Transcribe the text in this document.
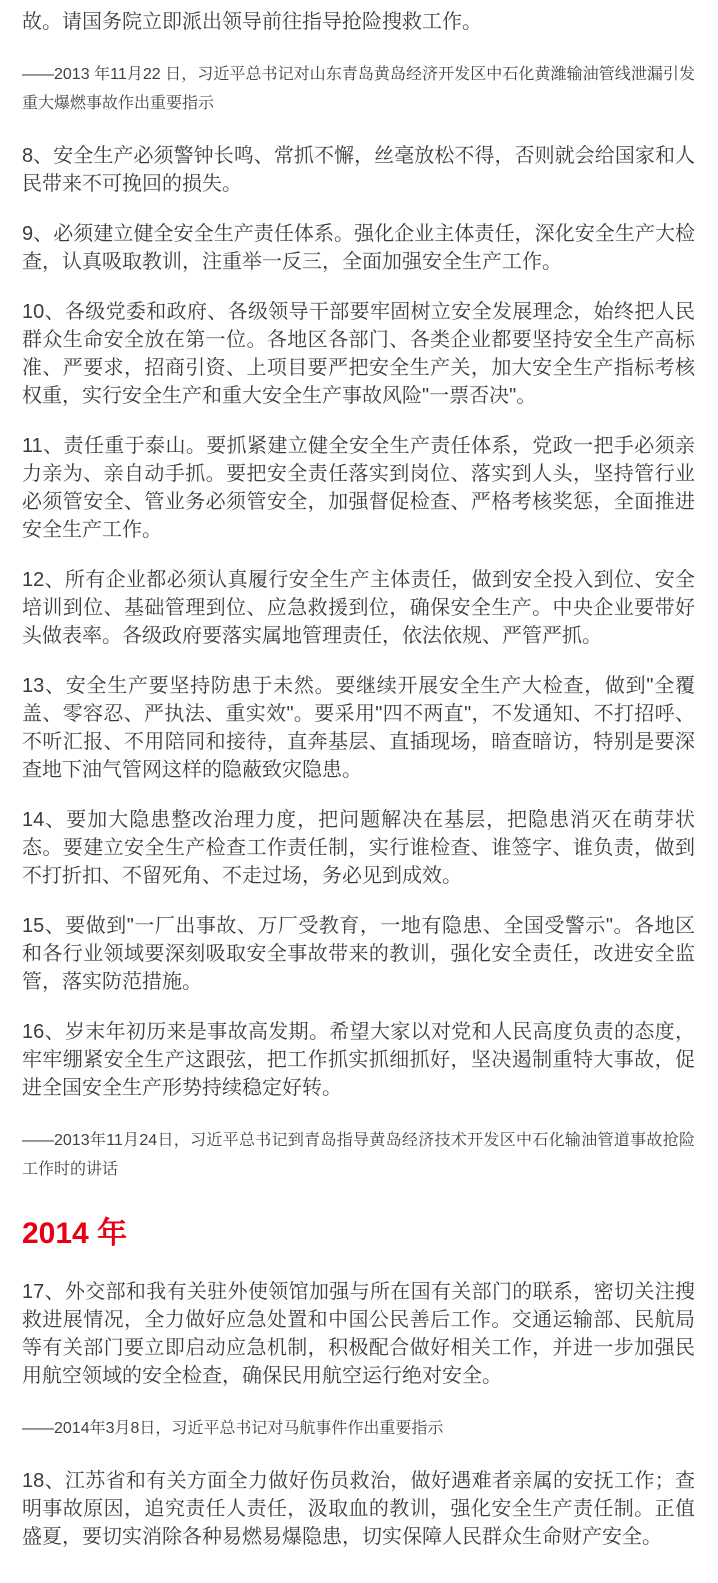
故。请国务院立即派出领导前往指导抢险搜救工作。

——2013 年11月22 日，习近平总书记对山东青岛黄岛经济开发区中石化黄潍输油管线泄漏引发重大爆燃事故作出重要指示

8、安全生产必须警钟长鸣、常抓不懈，丝毫放松不得，否则就会给国家和人民带来不可挽回的损失。

9、必须建立健全安全生产责任体系。强化企业主体责任，深化安全生产大检查，认真吸取教训，注重举一反三，全面加强安全生产工作。

10、各级党委和政府、各级领导干部要牢固树立安全发展理念，始终把人民群众生命安全放在第一位。各地区各部门、各类企业都要坚持安全生产高标准、严要求，招商引资、上项目要严把安全生产关，加大安全生产指标考核权重，实行安全生产和重大安全生产事故风险"一票否决"。

11、责任重于泰山。要抓紧建立健全安全生产责任体系，党政一把手必须亲力亲为、亲自动手抓。要把安全责任落实到岗位、落实到人头，坚持管行业必须管安全、管业务必须管安全，加强督促检查、严格考核奖惩，全面推进安全生产工作。

12、所有企业都必须认真履行安全生产主体责任，做到安全投入到位、安全培训到位、基础管理到位、应急救援到位，确保安全生产。中央企业要带好头做表率。各级政府要落实属地管理责任，依法依规、严管严抓。

13、安全生产要坚持防患于未然。要继续开展安全生产大检查，做到"全覆盖、零容忍、严执法、重实效"。要采用"四不两直"，不发通知、不打招呼、不听汇报、不用陪同和接待，直奔基层、直插现场，暗查暗访，特别是要深查地下油气管网这样的隐蔽致灾隐患。

14、要加大隐患整改治理力度，把问题解决在基层，把隐患消灭在萌芽状态。要建立安全生产检查工作责任制，实行谁检查、谁签字、谁负责，做到不打折扣、不留死角、不走过场，务必见到成效。

15、要做到"一厂出事故、万厂受教育，一地有隐患、全国受警示"。各地区和各行业领域要深刻吸取安全事故带来的教训，强化安全责任，改进安全监管，落实防范措施。

16、岁末年初历来是事故高发期。希望大家以对党和人民高度负责的态度，牢牢绷紧安全生产这跟弦，把工作抓实抓细抓好，坚决遏制重特大事故，促进全国安全生产形势持续稳定好转。

——2013年11月24日，习近平总书记到青岛指导黄岛经济技术开发区中石化输油管道事故抢险工作时的讲话

2014 年

17、外交部和我有关驻外使领馆加强与所在国有关部门的联系，密切关注搜救进展情况，全力做好应急处置和中国公民善后工作。交通运输部、民航局等有关部门要立即启动应急机制，积极配合做好相关工作，并进一步加强民用航空领域的安全检查，确保民用航空运行绝对安全。

——2014年3月8日，习近平总书记对马航事件作出重要指示

18、江苏省和有关方面全力做好伤员救治，做好遇难者亲属的安抚工作；查明事故原因，追究责任人责任，汲取血的教训，强化安全生产责任制。正值盛夏，要切实消除各种易燃易爆隐患，切实保障人民群众生命财产安全。
